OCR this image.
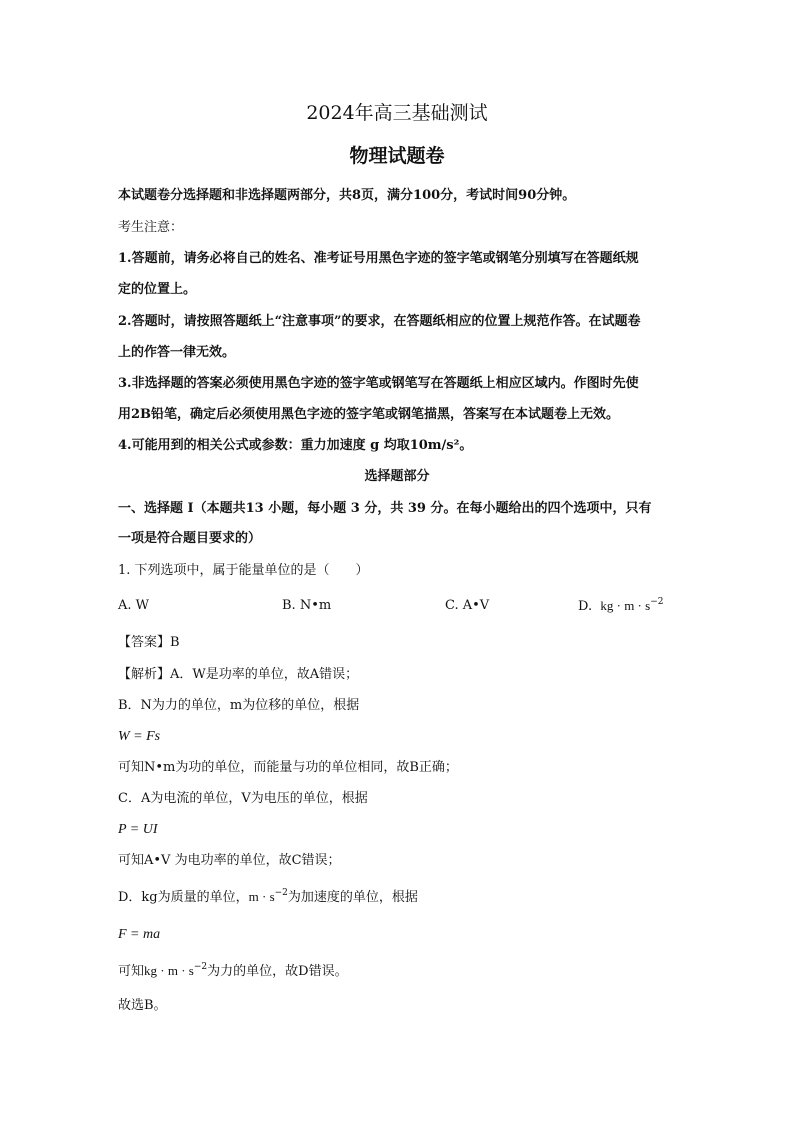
2024年高三基础测试
物理试题卷
本试题卷分选择题和非选择题两部分，共8页，满分100分，考试时间90分钟。
考生注意：
1.答题前，请务必将自己的姓名、准考证号用黑色字迹的签字笔或钢笔分别填写在答题纸规
定的位置上。
2.答题时，请按照答题纸上“注意事项”的要求，在答题纸相应的位置上规范作答。在试题卷
上的作答一律无效。
3.非选择题的答案必须使用黑色字迹的签字笔或钢笔写在答题纸上相应区域内。作图时先使
用2B铅笔，确定后必须使用黑色字迹的签字笔或钢笔描黑，答案写在本试题卷上无效。
4.可能用到的相关公式或参数：重力加速度 g 均取10m/s²。
选择题部分
一、选择题 I（本题共13 小题，每小题 3 分，共 39 分。在每小题给出的四个选项中，只有
一项是符合题目要求的）
1. 下列选项中，属于能量单位的是（　　）
A. W	B. N•m	C. A•V	D. kg · $m \cdot s^{-2}$
【答案】B
【解析】A．W是功率的单位，故A错误；
B．N为力的单位，m为位移的单位，根据
W = Fs
可知N•m为功的单位，而能量与功的单位相同，故B正确；
C．A为电流的单位，V为电压的单位，根据
P = UI
可知A•V 为电功率的单位，故C错误；
D．kg为质量的单位，$m \cdot s^{-2}$为加速度的单位，根据
F = ma
可知kg · $m \cdot s^{-2}$为力的单位，故D错误。
故选B。
